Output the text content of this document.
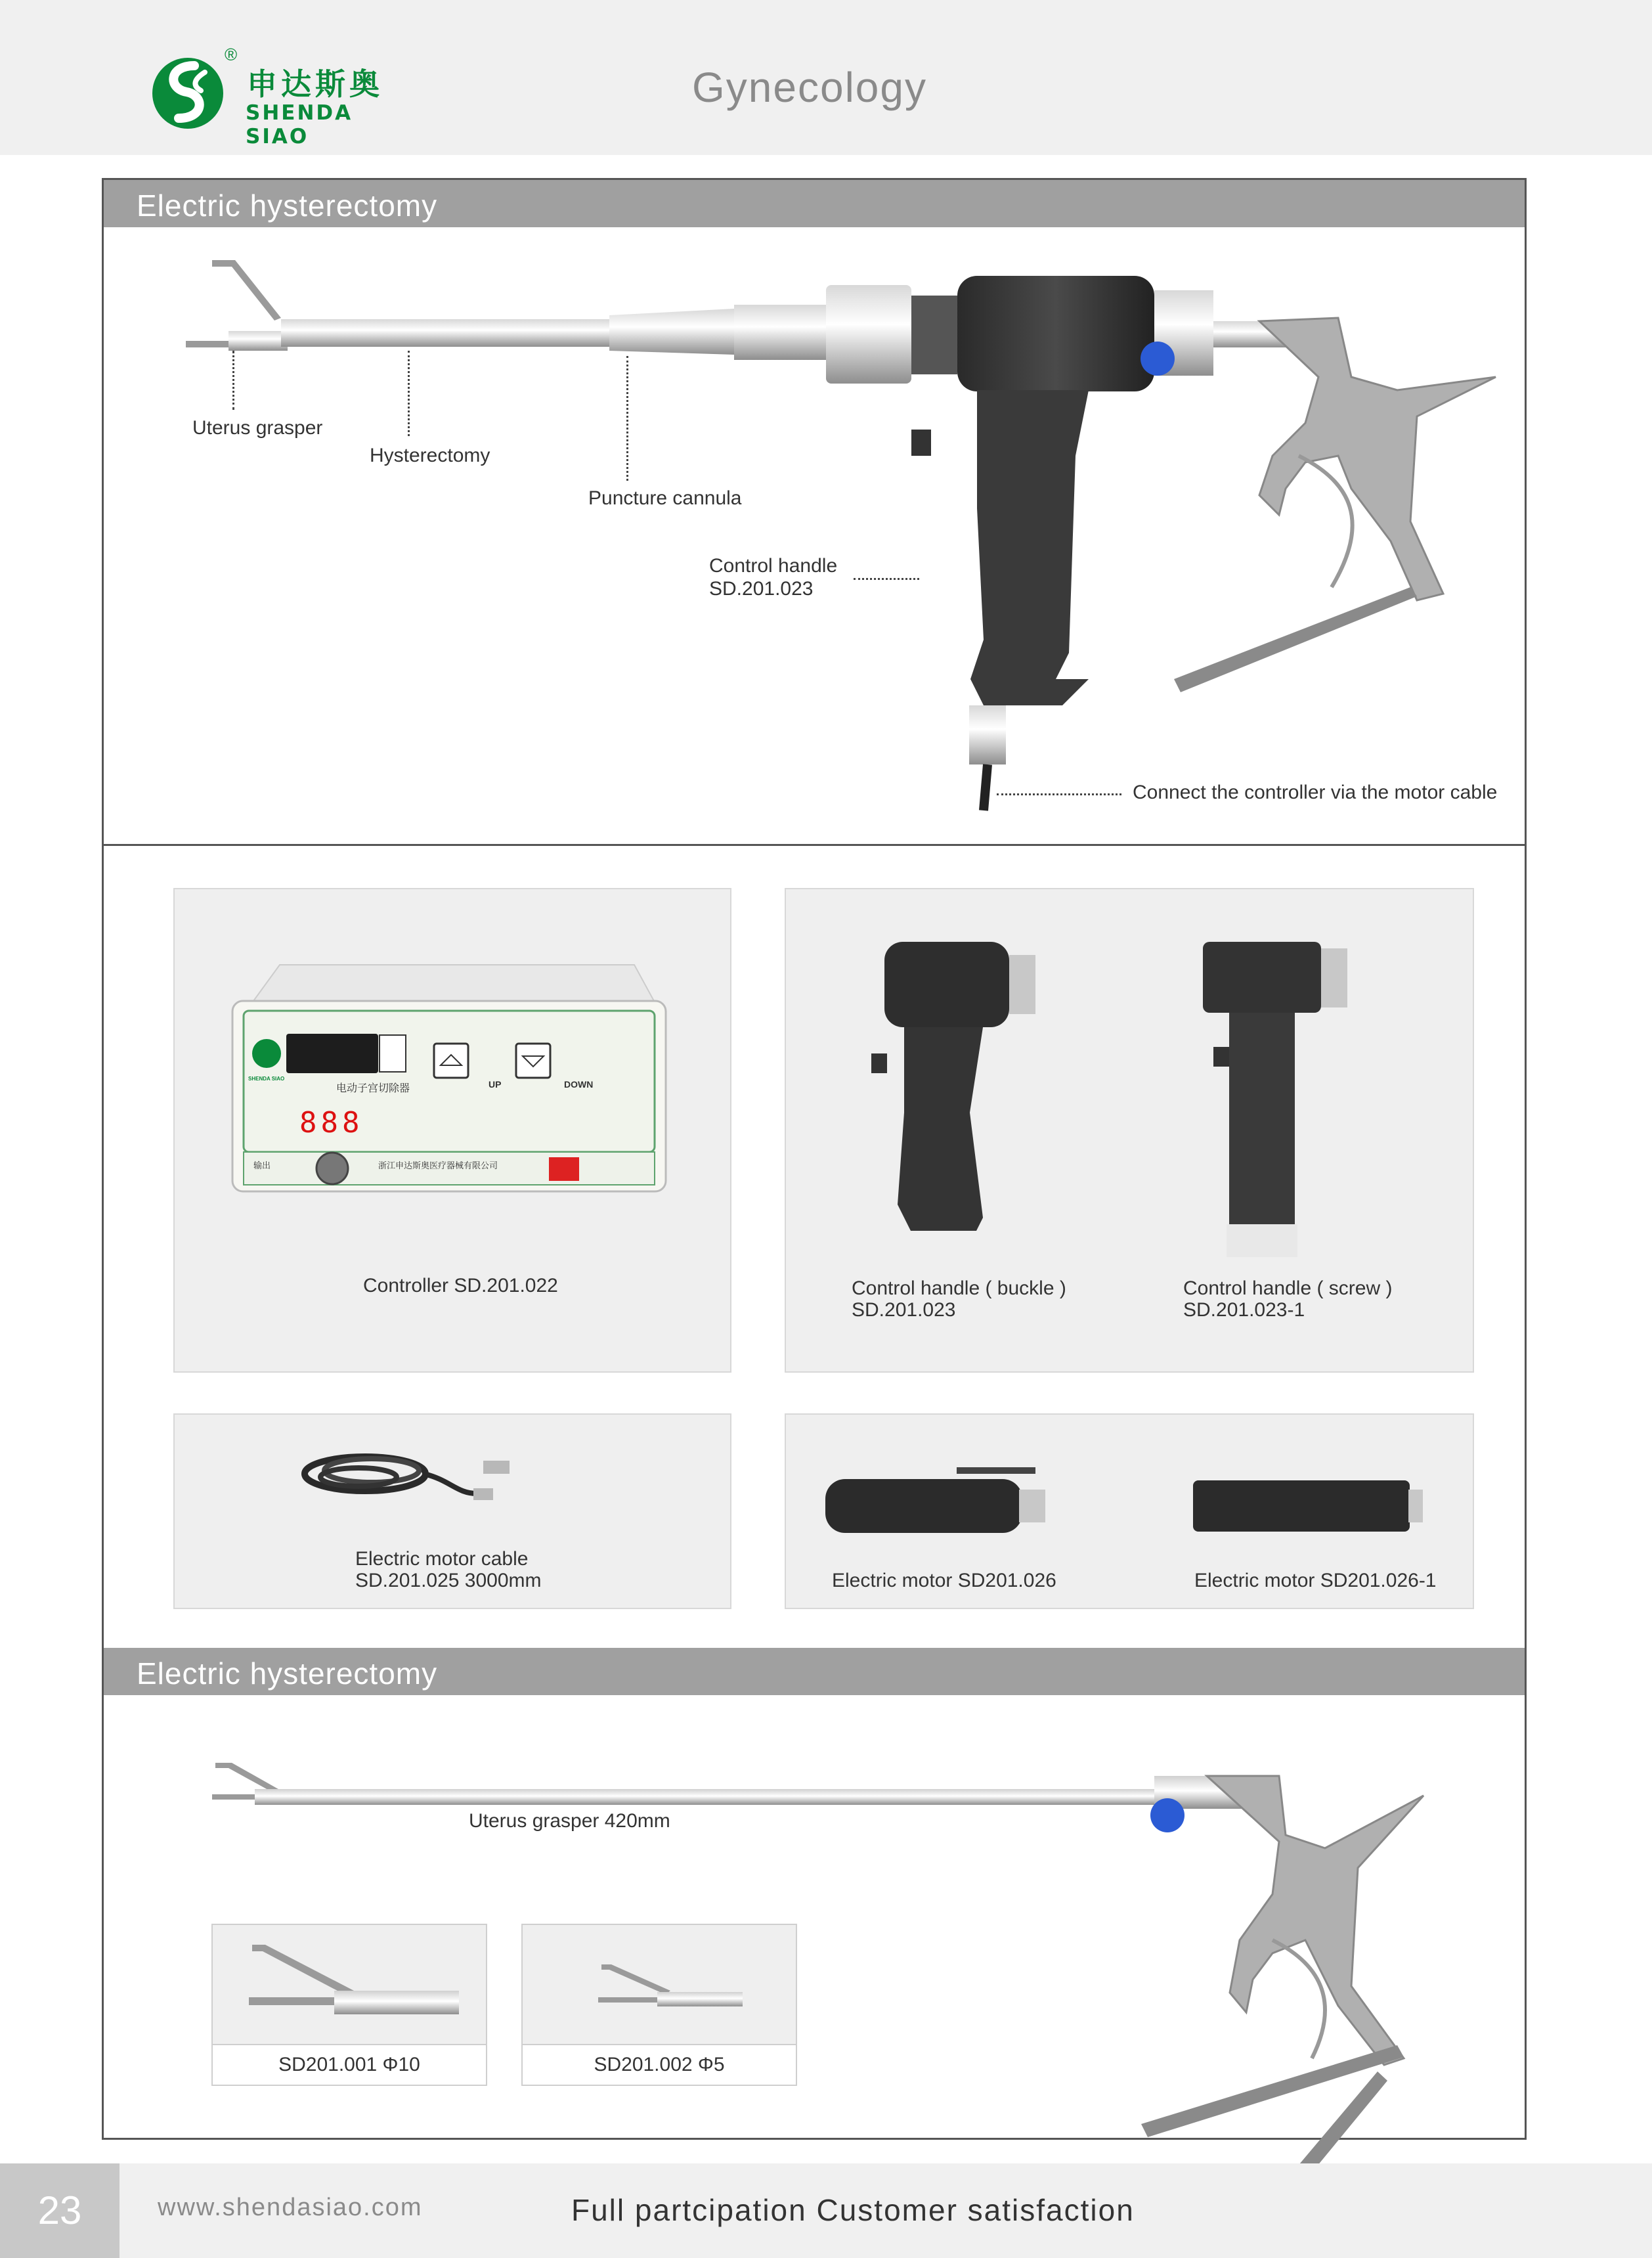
®
申达斯奥
SHENDA SIAO
Gynecology
Electric hysterectomy
Uterus grasper
Hysterectomy
Puncture cannula
Control handle
SD.201.023
Connect the controller via the motor cable
电动子宫切除器
888
UP	DOWN
SHENDA SIAO
输出	浙江申达斯奥医疗器械有限公司
Controller SD.201.022	Control handle ( buckle )
SD.201.023
Control handle ( screw )
SD.201.023-1
Electric motor cable
SD.201.025 3000mm	Electric motor SD201.026	Electric motor SD201.026-1
Electric hysterectomy
Uterus grasper 420mm
SD201.001 Φ10	SD201.002 Φ5
23	www.shendasiao.com	Full partcipation Customer satisfaction
